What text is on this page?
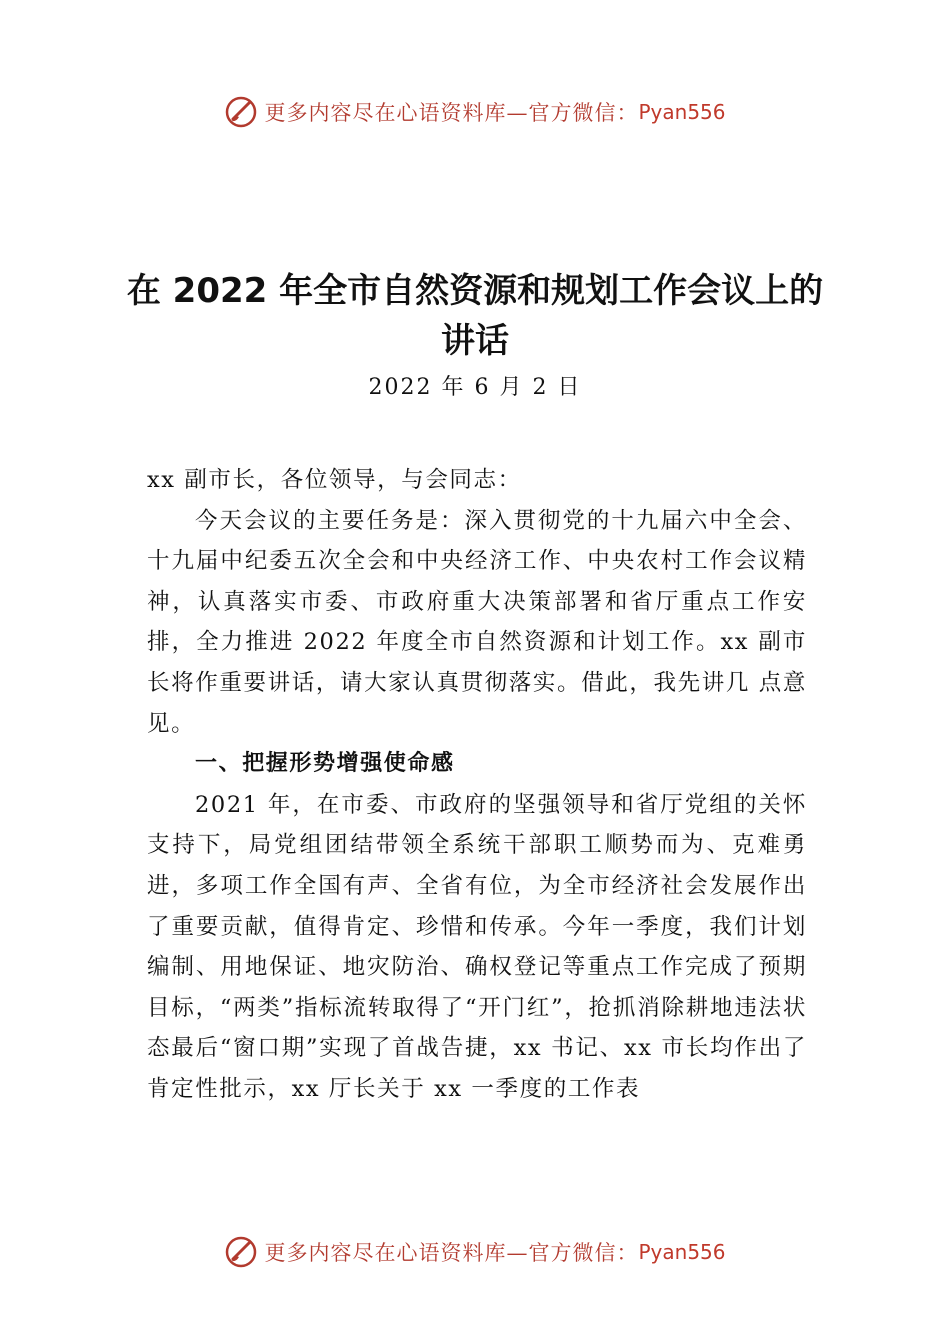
更多内容尽在心语资料库—官方微信： Pyan556
在 2022 年全市自然资源和规划工作会议上的讲话
2022 年 6 月 2 日

xx 副市长，各位领导，与会同志：

今天会议的主要任务是：深入贯彻党的十九届六中全会、十九届中纪委五次全会和中央经济工作、中央农村工作会议精神，认真落实市委、市政府重大决策部署和省厅重点工作安排，全力推进 2022 年度全市自然资源和计划工作。xx 副市长将作重要讲话，请大家认真贯彻落实。借此，我先讲几 点意见。

一、把握形势增强使命感

2021 年，在市委、市政府的坚强领导和省厅党组的关怀支持下，局党组团结带领全系统干部职工顺势而为、克难勇进，多项工作全国有声、全省有位，为全市经济社会发展作出了重要贡献，值得肯定、珍惜和传承。今年一季度，我们计划编制、用地保证、地灾防治、确权登记等重点工作完成了预期目标，“两类”指标流转取得了“开门红”，抢抓消除耕地违法状态最后“窗口期”实现了首战告捷，xx 书记、xx 市长均作出了肯定性批示，xx 厅长关于 xx 一季度的工作表

更多内容尽在心语资料库—官方微信： Pyan556
